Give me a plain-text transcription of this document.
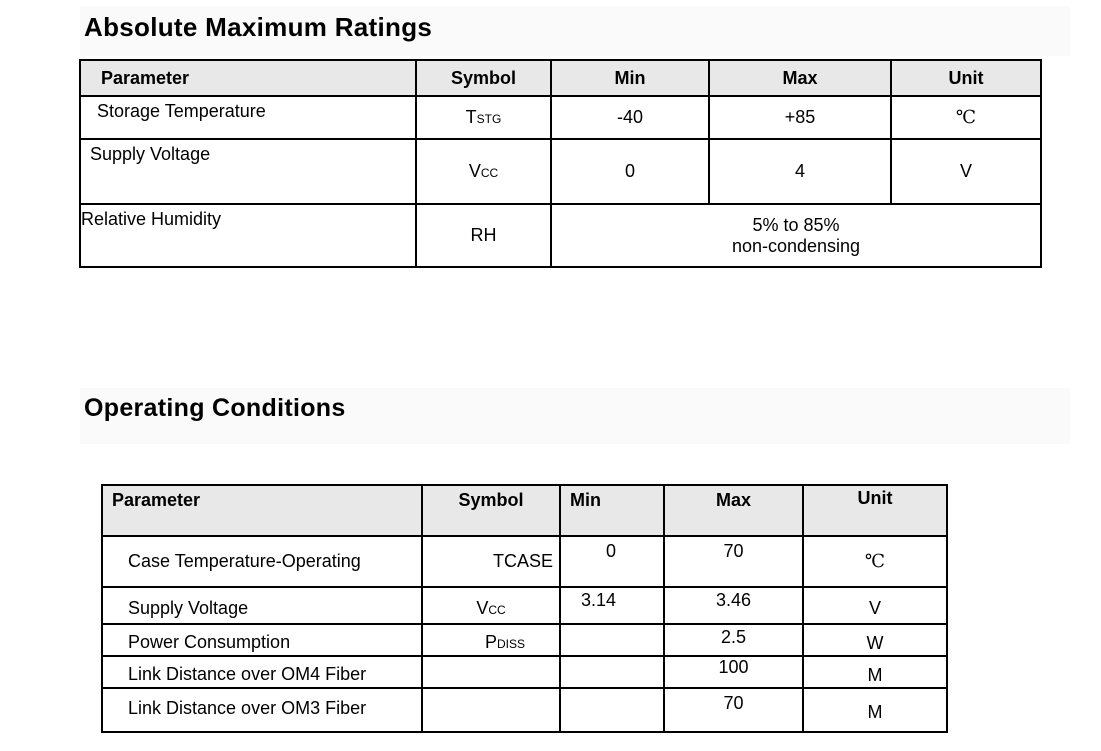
Absolute Maximum Ratings
Parameter	Symbol	Min	Max	Unit
Storage Temperature	TSTG	-40	+85	℃
Supply Voltage	VCC	0	4	V
Relative Humidity	RH	5% to 85%
non-condensing		
Operating Conditions
Parameter	Symbol	Min	Max	Unit
Case Temperature-Operating	TCASE	0	70	℃
Supply Voltage	VCC	3.14	3.46	V
Power Consumption	PDISS		2.5	W
Link Distance over OM4 Fiber			100	M
Link Distance over OM3 Fiber			70	M
